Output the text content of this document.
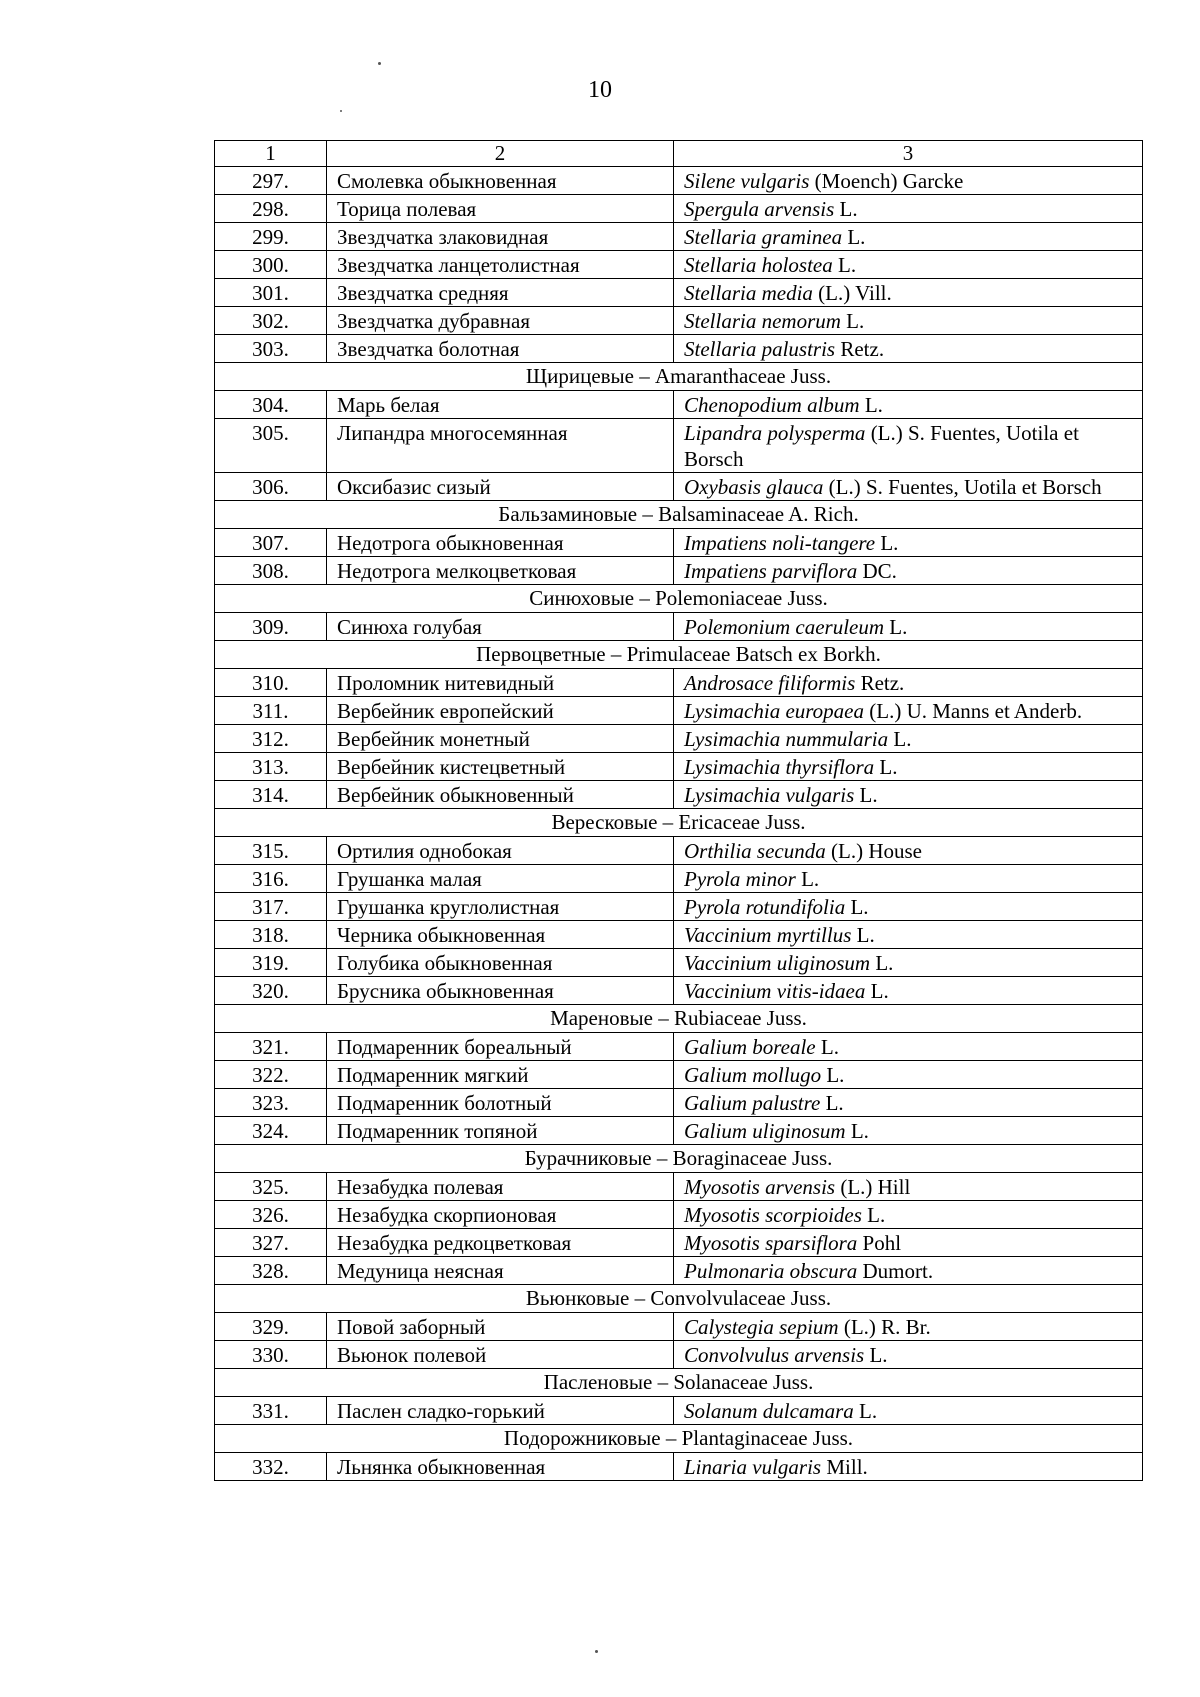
10
1	2	3
297.	Смолевка обыкновенная	Silene vulgaris (Moench) Garcke
298.	Торица полевая	Spergula arvensis L.
299.	Звездчатка злаковидная	Stellaria graminea L.
300.	Звездчатка ланцетолистная	Stellaria holostea L.
301.	Звездчатка средняя	Stellaria media (L.) Vill.
302.	Звездчатка дубравная	Stellaria nemorum L.
303.	Звездчатка болотная	Stellaria palustris Retz.
Щирицевые – Amaranthaceae Juss.		
304.	Марь белая	Chenopodium album L.
305.	Липандра многосемянная	Lipandra polysperma (L.) S. Fuentes, Uotila et Borsch
306.	Оксибазис сизый	Oxybasis glauca (L.) S. Fuentes, Uotila et Borsch
Бальзаминовые – Balsaminaceae A. Rich.		
307.	Недотрога обыкновенная	Impatiens noli-tangere L.
308.	Недотрога мелкоцветковая	Impatiens parviflora DC.
Синюховые – Polemoniaceae Juss.		
309.	Синюха голубая	Polemonium caeruleum L.
Первоцветные – Primulaceae Batsch ex Borkh.		
310.	Проломник нитевидный	Androsace filiformis Retz.
311.	Вербейник европейский	Lysimachia europaea (L.) U. Manns et Anderb.
312.	Вербейник монетный	Lysimachia nummularia L.
313.	Вербейник кистецветный	Lysimachia thyrsiflora L.
314.	Вербейник обыкновенный	Lysimachia vulgaris L.
Вересковые – Ericaceae Juss.		
315.	Ортилия однобокая	Orthilia secunda (L.) House
316.	Грушанка малая	Pyrola minor L.
317.	Грушанка круглолистная	Pyrola rotundifolia L.
318.	Черника обыкновенная	Vaccinium myrtillus L.
319.	Голубика обыкновенная	Vaccinium uliginosum L.
320.	Брусника обыкновенная	Vaccinium vitis-idaea L.
Мареновые – Rubiaceae Juss.		
321.	Подмаренник бореальный	Galium boreale L.
322.	Подмаренник мягкий	Galium mollugo L.
323.	Подмаренник болотный	Galium palustre L.
324.	Подмаренник топяной	Galium uliginosum L.
Бурачниковые – Boraginaceae Juss.		
325.	Незабудка полевая	Myosotis arvensis (L.) Hill
326.	Незабудка скорпионовая	Myosotis scorpioides L.
327.	Незабудка редкоцветковая	Myosotis sparsiflora Pohl
328.	Медуница неясная	Pulmonaria obscura Dumort.
Вьюнковые – Convolvulaceae Juss.		
329.	Повой заборный	Calystegia sepium (L.) R. Br.
330.	Вьюнок полевой	Convolvulus arvensis L.
Пасленовые – Solanaceae Juss.		
331.	Паслен сладко-горький	Solanum dulcamara L.
Подорожниковые – Plantaginaceae Juss.		
332.	Льнянка обыкновенная	Linaria vulgaris Mill.
